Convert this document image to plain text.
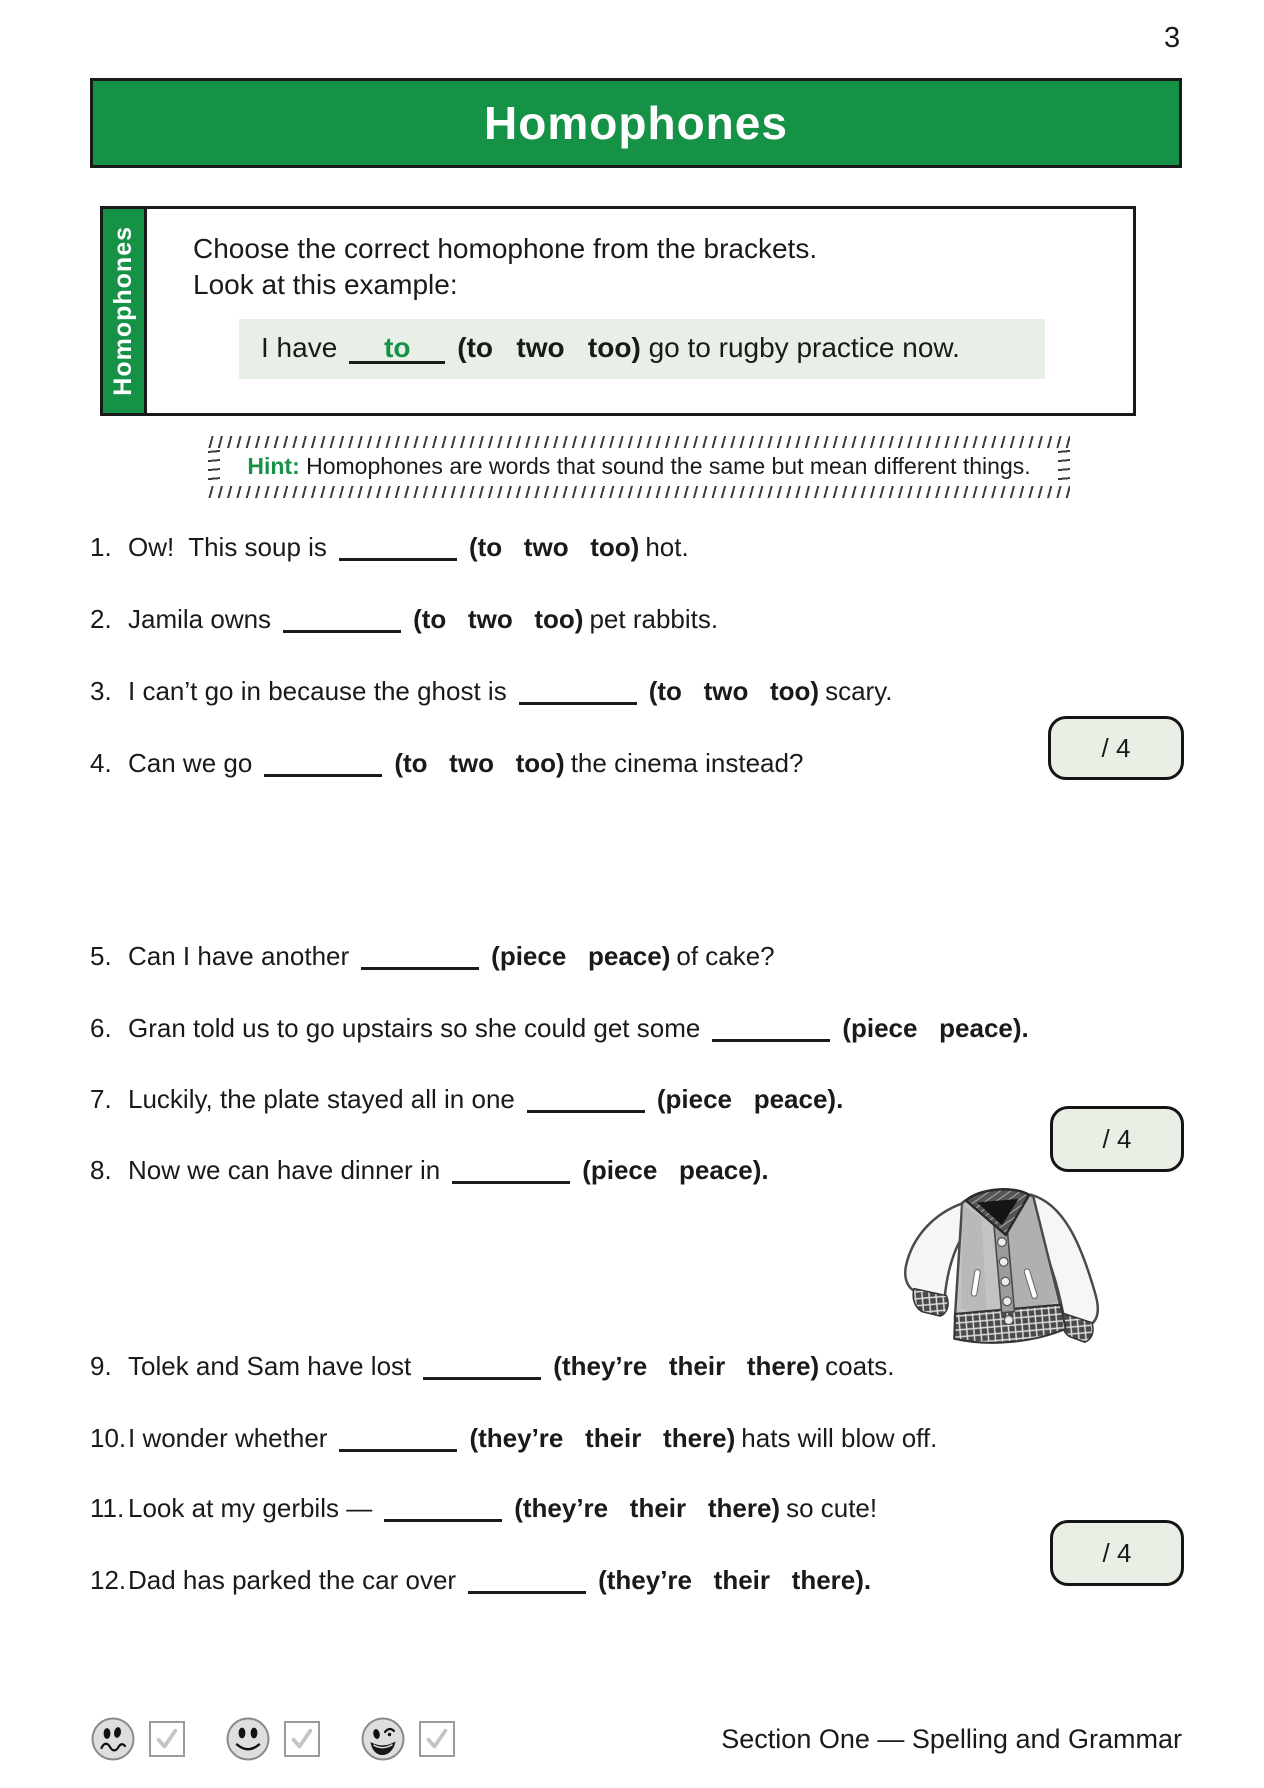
3
Homophones
Homophones Choose the correct homophone from the brackets.
Look at this example:
I have to (to   two   too) go to rugby practice now.
Hint: Homophones are words that sound the same but mean different things.
1. Ow!  This soup is	(to   two   too) hot.
2. Jamila owns	(to   two   too) pet rabbits.
3. I can’t go in because the ghost is	(to   two   too) scary.
4. Can we go	(to   two   too) the cinema instead?
/ 4
5. Can I have another	(piece   peace) of cake?
6. Gran told us to go upstairs so she could get some	(piece   peace).
7. Luckily, the plate stayed all in one	(piece   peace).
8. Now we can have dinner in	(piece   peace).
/ 4
9. Tolek and Sam have lost	(they’re   their   there) coats.
10.I wonder whether	(they’re   their   there) hats will blow off.
11. Look at my gerbils —	(they’re   their   there) so cute!
12.Dad has parked the car over	(they’re   their   there).
/ 4
Section One — Spelling and Grammar
